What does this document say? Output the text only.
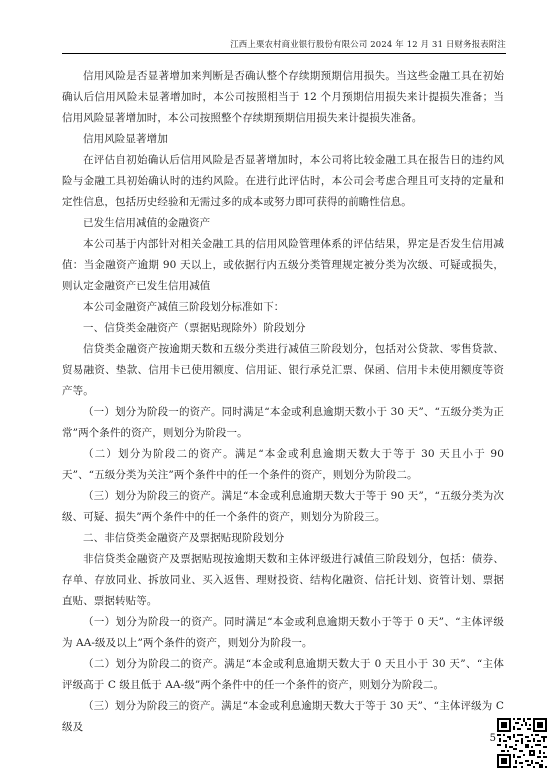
江西上栗农村商业银行股份有限公司 2024 年 12 月 31 日财务报表附注

信用风险是否显著增加来判断是否确认整个存续期预期信用损失。当这些金融工具在初始确认后信用风险未显著增加时，本公司按照相当于 12 个月预期信用损失来计提损失准备；当信用风险显著增加时，本公司按照整个存续期预期信用损失来计提损失准备。

信用风险显著增加

在评估自初始确认后信用风险是否显著增加时，本公司将比较金融工具在报告日的违约风险与金融工具初始确认时的违约风险。在进行此评估时，本公司会考虑合理且可支持的定量和定性信息，包括历史经验和无需过多的成本或努力即可获得的前瞻性信息。

已发生信用减值的金融资产

本公司基于内部针对相关金融工具的信用风险管理体系的评估结果，界定是否发生信用减值：当金融资产逾期 90 天以上，或依据行内五级分类管理规定被分类为次级、可疑或损失，则认定金融资产已发生信用减值

本公司金融资产减值三阶段划分标准如下：

一、信贷类金融资产（票据贴现除外）阶段划分

信贷类金融资产按逾期天数和五级分类进行减值三阶段划分，包括对公贷款、零售贷款、贸易融资、垫款、信用卡已使用额度、信用证、银行承兑汇票、保函、信用卡未使用额度等资产等。

（一）划分为阶段一的资产。同时满足“本金或利息逾期天数小于 30 天”、“五级分类为正常”两个条件的资产，则划分为阶段一。

（二）划分为阶段二的资产。满足“本金或利息逾期天数大于等于 30 天且小于 90 天”、“五级分类为关注”两个条件中的任一个条件的资产，则划分为阶段二。

（三）划分为阶段三的资产。满足“本金或利息逾期天数大于等于 90 天”，“五级分类为次级、可疑、损失”两个条件中的任一个条件的资产，则划分为阶段三。

二、非信贷类金融资产及票据贴现阶段划分

非信贷类金融资产及票据贴现按逾期天数和主体评级进行减值三阶段划分，包括：债券、存单、存放同业、拆放同业、买入返售、理财投资、结构化融资、信托计划、资管计划、票据直贴、票据转贴等。

（一）划分为阶段一的资产。同时满足“本金或利息逾期天数小于等于 0 天”、“主体评级为 AA-级及以上”两个条件的资产，则划分为阶段一。

（二）划分为阶段二的资产。满足“本金或利息逾期天数大于 0 天且小于 30 天”、“主体评级高于 C 级且低于 AA-级”两个条件中的任一个条件的资产，则划分为阶段二。

（三）划分为阶段三的资产。满足“本金或利息逾期天数大于等于 30 天”、“主体评级为 C 级及

5
